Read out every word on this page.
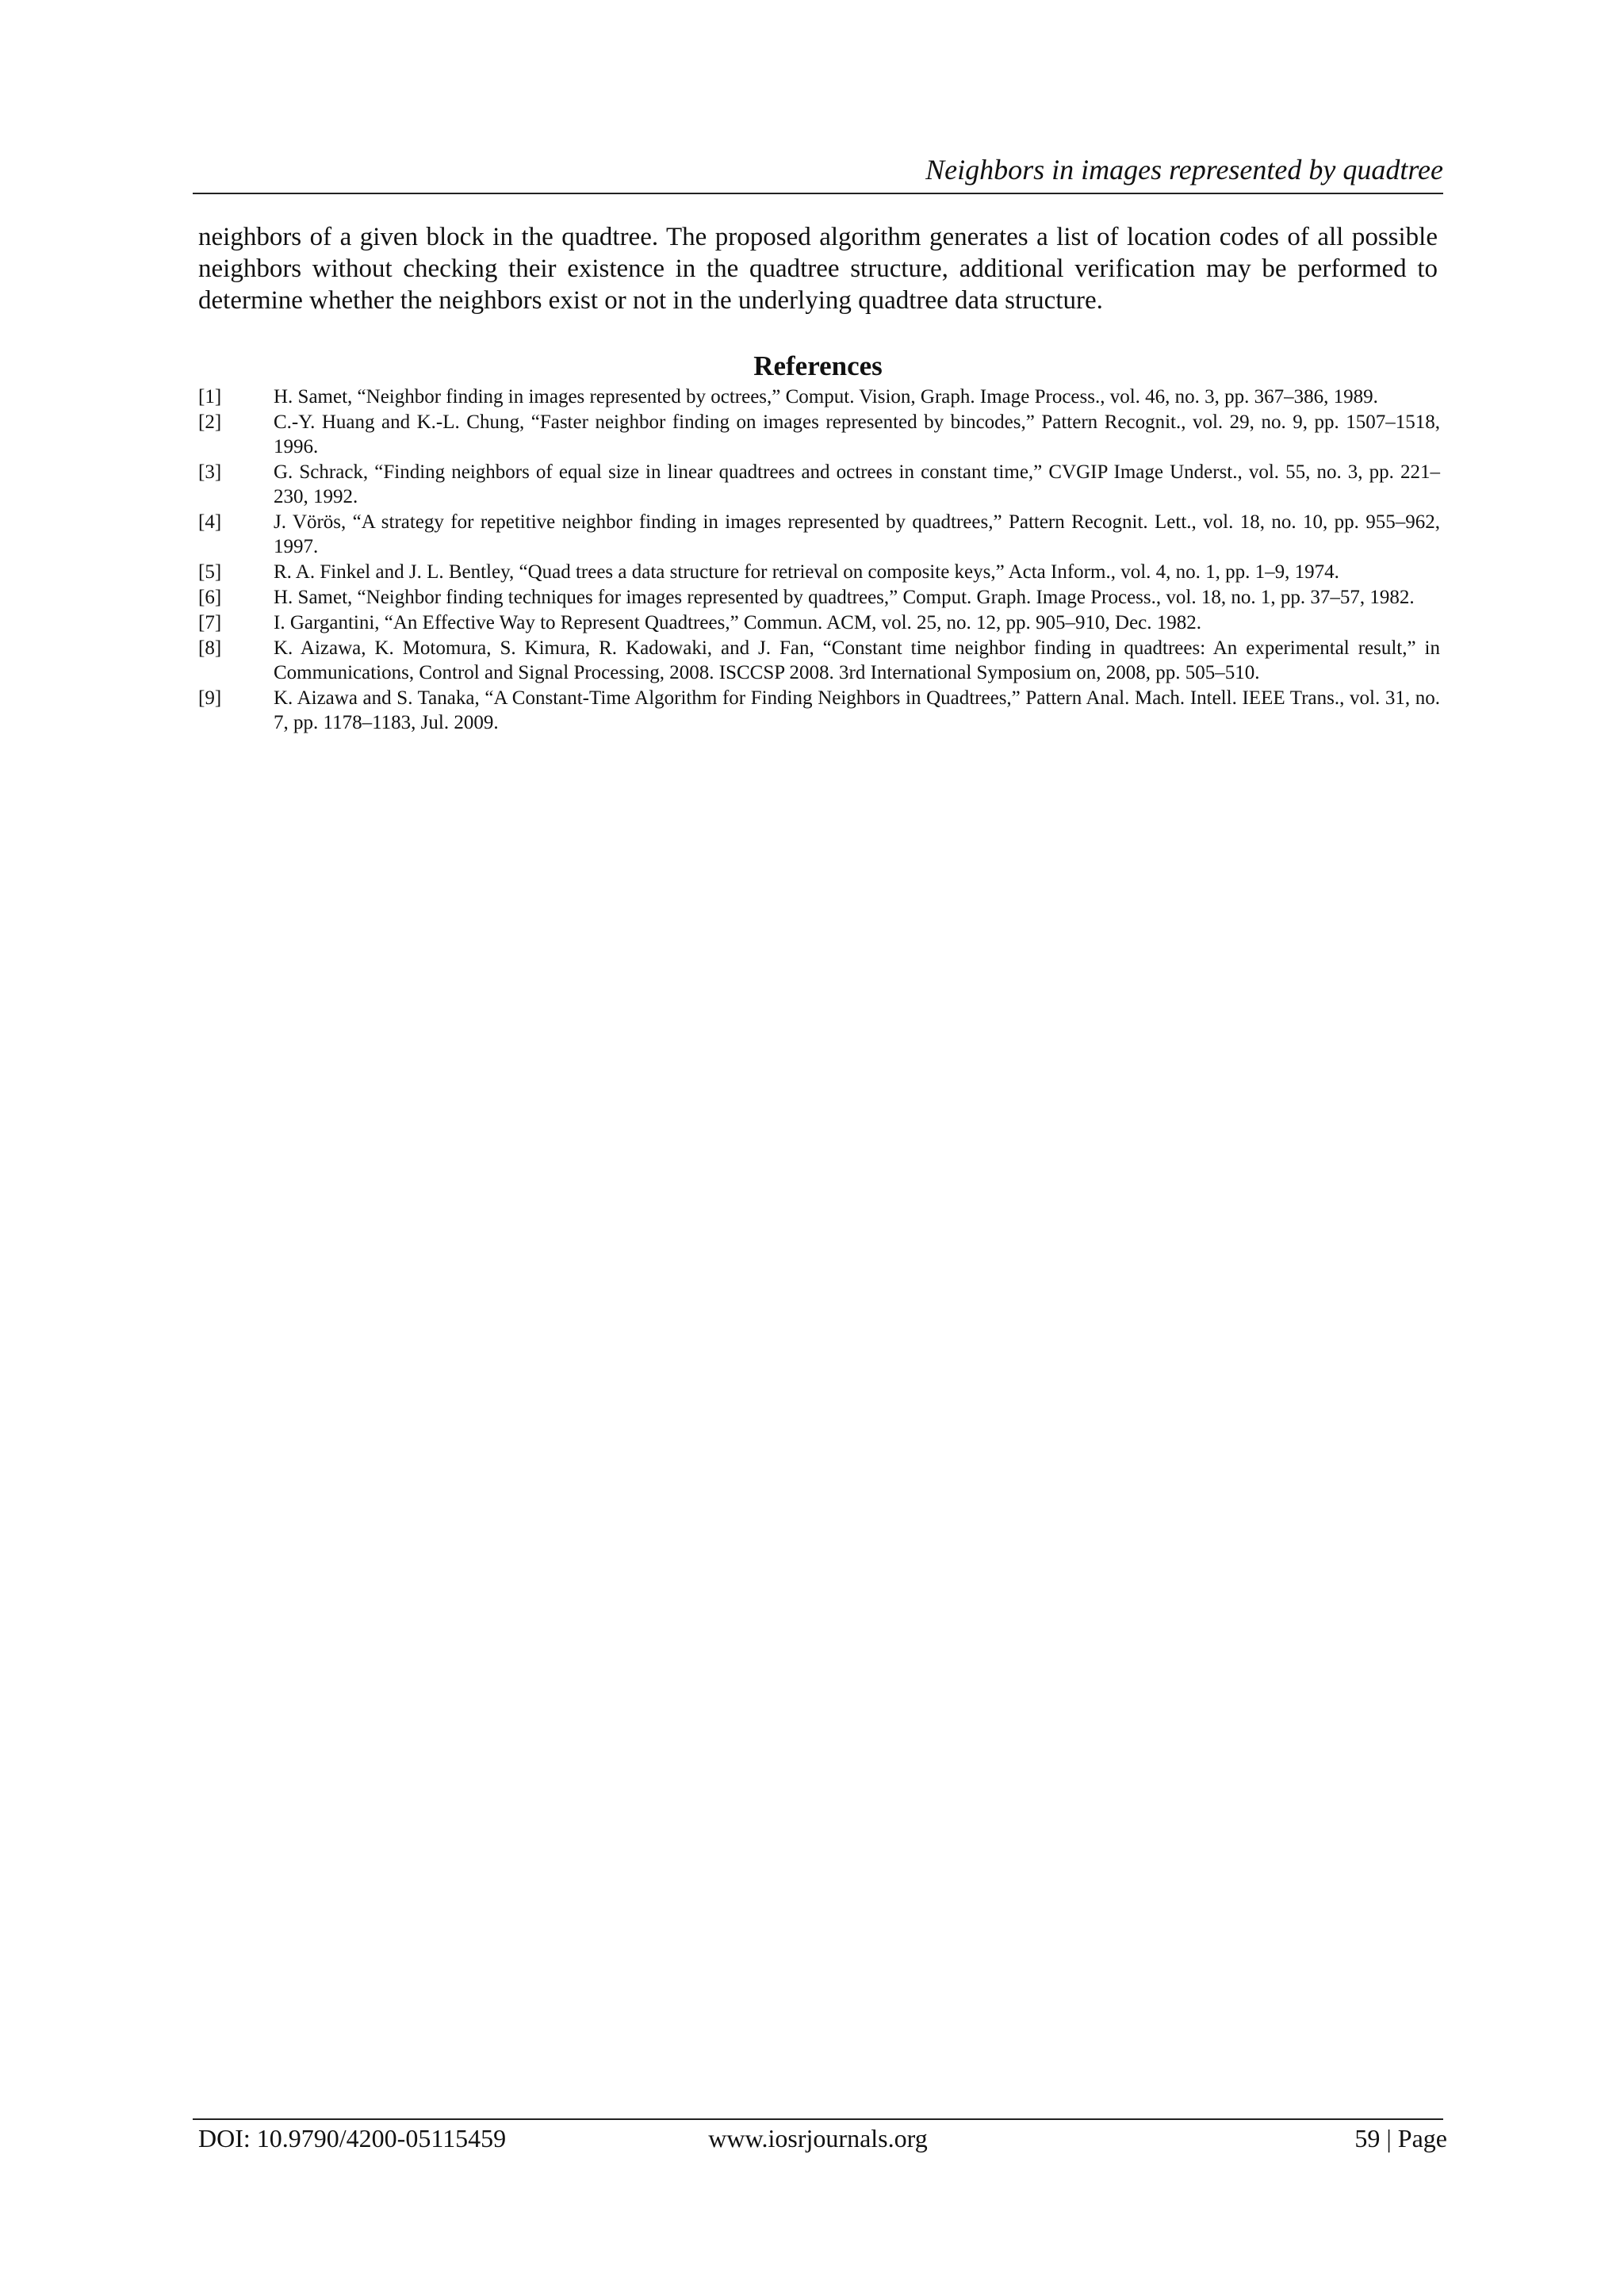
Neighbors in images represented by quadtree

neighbors of a given block in the quadtree. The proposed algorithm generates a list of location codes of all possible neighbors without checking their existence in the quadtree structure, additional verification may be performed to determine whether the neighbors exist or not in the underlying quadtree data structure.

References
[1]	H. Samet, “Neighbor finding in images represented by octrees,” Comput. Vision, Graph. Image Process., vol. 46, no. 3, pp. 367–386, 1989.
[2]	C.-Y. Huang and K.-L. Chung, “Faster neighbor finding on images represented by bincodes,” Pattern Recognit., vol. 29, no. 9, pp. 1507–1518, 1996.
[3]	G. Schrack, “Finding neighbors of equal size in linear quadtrees and octrees in constant time,” CVGIP Image Underst., vol. 55, no. 3, pp. 221–230, 1992.
[4]	J. Vörös, “A strategy for repetitive neighbor finding in images represented by quadtrees,” Pattern Recognit. Lett., vol. 18, no. 10, pp. 955–962, 1997.
[5]	R. A. Finkel and J. L. Bentley, “Quad trees a data structure for retrieval on composite keys,” Acta Inform., vol. 4, no. 1, pp. 1–9, 1974.
[6]	H. Samet, “Neighbor finding techniques for images represented by quadtrees,” Comput. Graph. Image Process., vol. 18, no. 1, pp. 37–57, 1982.
[7]	I. Gargantini, “An Effective Way to Represent Quadtrees,” Commun. ACM, vol. 25, no. 12, pp. 905–910, Dec. 1982.
[8]	K. Aizawa, K. Motomura, S. Kimura, R. Kadowaki, and J. Fan, “Constant time neighbor finding in quadtrees: An experimental result,” in Communications, Control and Signal Processing, 2008. ISCCSP 2008. 3rd International Symposium on, 2008, pp. 505–510.
[9]	K. Aizawa and S. Tanaka, “A Constant-Time Algorithm for Finding Neighbors in Quadtrees,” Pattern Anal. Mach. Intell. IEEE Trans., vol. 31, no. 7, pp. 1178–1183, Jul. 2009.
www.iosrjournals.org
DOI: 10.9790/4200-05115459	59 | Page
